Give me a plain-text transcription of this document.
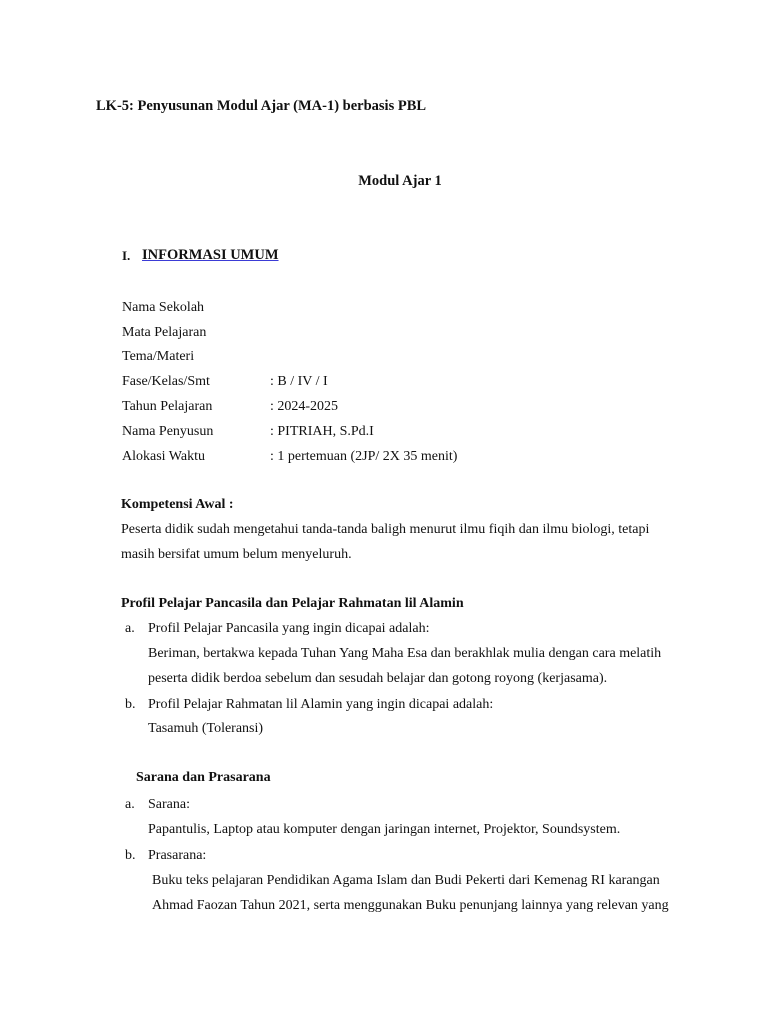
LK-5: Penyusunan Modul Ajar (MA-1) berbasis PBL
Modul Ajar 1
I. INFORMASI UMUM
Nama Sekolah
Mata Pelajaran
Tema/Materi
Fase/Kelas/Smt	: B / IV / I
Tahun Pelajaran	: 2024-2025
Nama Penyusun	: PITRIAH, S.Pd.I
Alokasi Waktu	: 1 pertemuan (2JP/ 2X 35 menit)
Kompetensi Awal :
Peserta didik sudah mengetahui tanda-tanda baligh menurut ilmu fiqih dan ilmu biologi, tetapi
masih bersifat umum belum menyeluruh.
Profil Pelajar Pancasila dan Pelajar Rahmatan lil Alamin
a. Profil Pelajar Pancasila yang ingin dicapai adalah:
Beriman, bertakwa kepada Tuhan Yang Maha Esa dan berakhlak mulia dengan cara melatih
peserta didik berdoa sebelum dan sesudah belajar dan gotong royong (kerjasama).
b. Profil Pelajar Rahmatan lil Alamin yang ingin dicapai adalah:
Tasamuh (Toleransi)
Sarana dan Prasarana
a. Sarana:
Papantulis, Laptop atau komputer dengan jaringan internet, Projektor, Soundsystem.
b. Prasarana:
Buku teks pelajaran Pendidikan Agama Islam dan Budi Pekerti dari Kemenag RI karangan
Ahmad Faozan Tahun 2021, serta menggunakan Buku penunjang lainnya yang relevan yang
